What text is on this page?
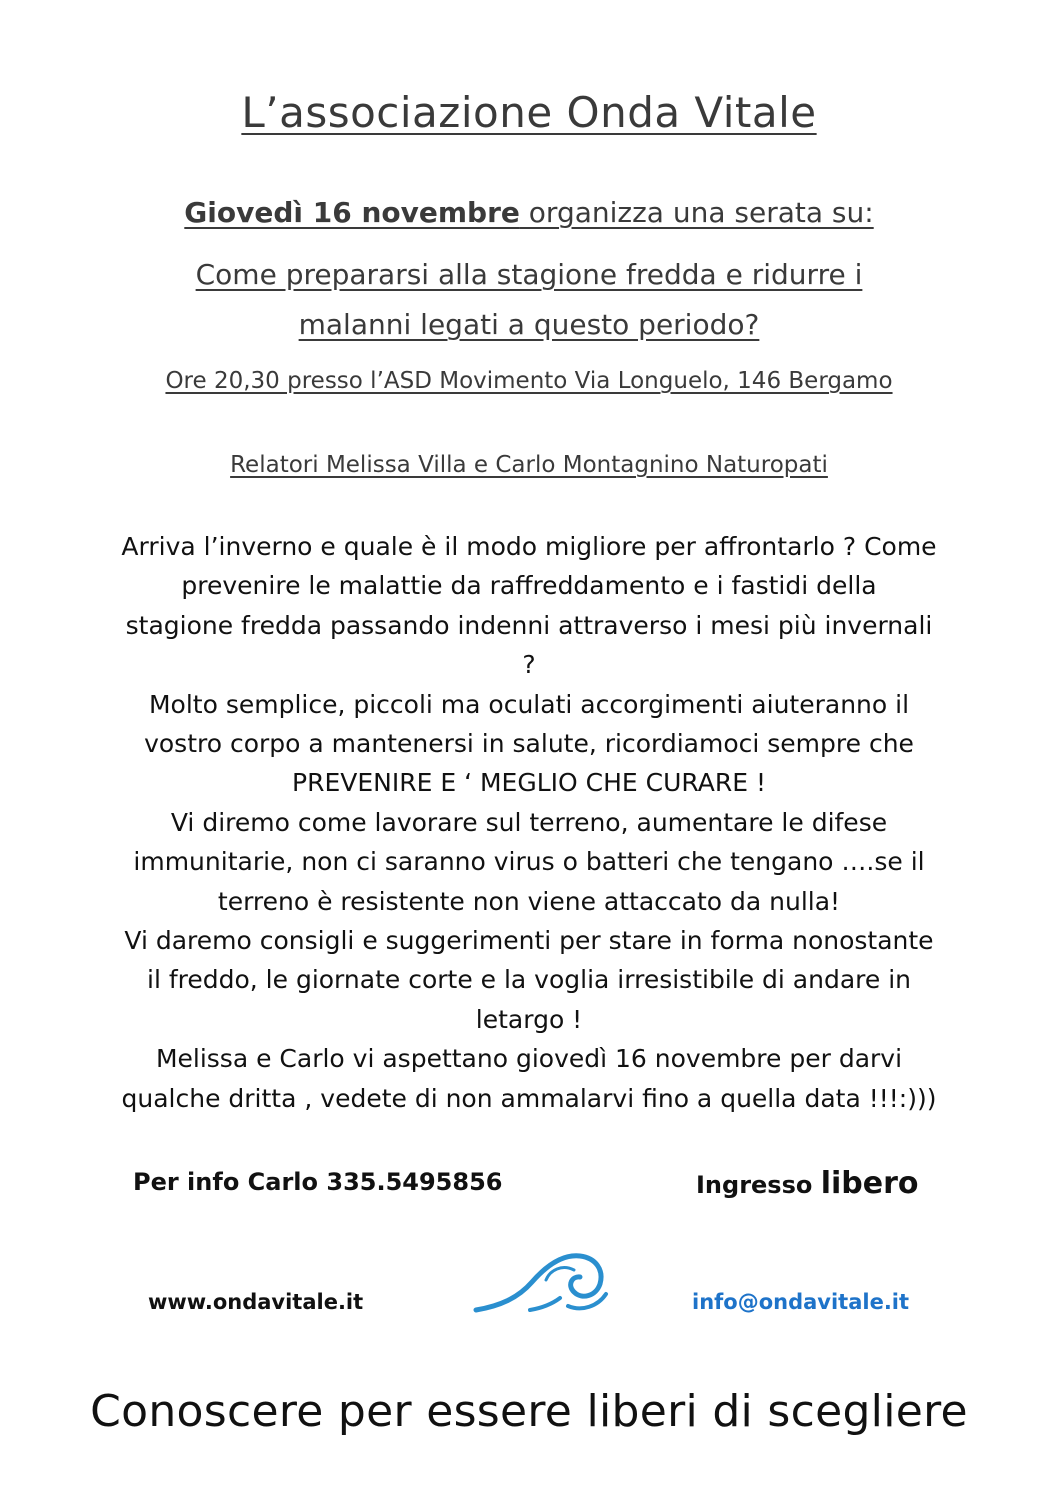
L’associazione Onda Vitale
Giovedì 16 novembre organizza una serata su:
Come prepararsi alla stagione fredda e ridurre i
malanni legati a questo periodo?
Ore 20,30 presso l’ASD Movimento Via Longuelo, 146 Bergamo
Relatori Melissa Villa e Carlo Montagnino Naturopati
Arriva l’inverno e quale è il modo migliore per affrontarlo ? Come
prevenire le malattie da raffreddamento e i fastidi della
stagione fredda passando indenni attraverso i mesi più invernali
?
Molto semplice, piccoli ma oculati accorgimenti aiuteranno il
vostro corpo a mantenersi in salute, ricordiamoci sempre che
PREVENIRE E ‘ MEGLIO CHE CURARE !
Vi diremo come lavorare sul terreno, aumentare le difese
immunitarie, non ci saranno virus o batteri che tengano ….se il
terreno è resistente non viene attaccato da nulla!
Vi daremo consigli e suggerimenti per stare in forma nonostante
il freddo, le giornate corte e la voglia irresistibile di andare in
letargo !
Melissa e Carlo vi aspettano giovedì 16 novembre per darvi
qualche dritta , vedete di non ammalarvi fino a quella data !!!:)))
Per info Carlo 335.5495856	Ingresso libero
www.ondavitale.it	info@ondavitale.it
Conoscere per essere liberi di scegliere
